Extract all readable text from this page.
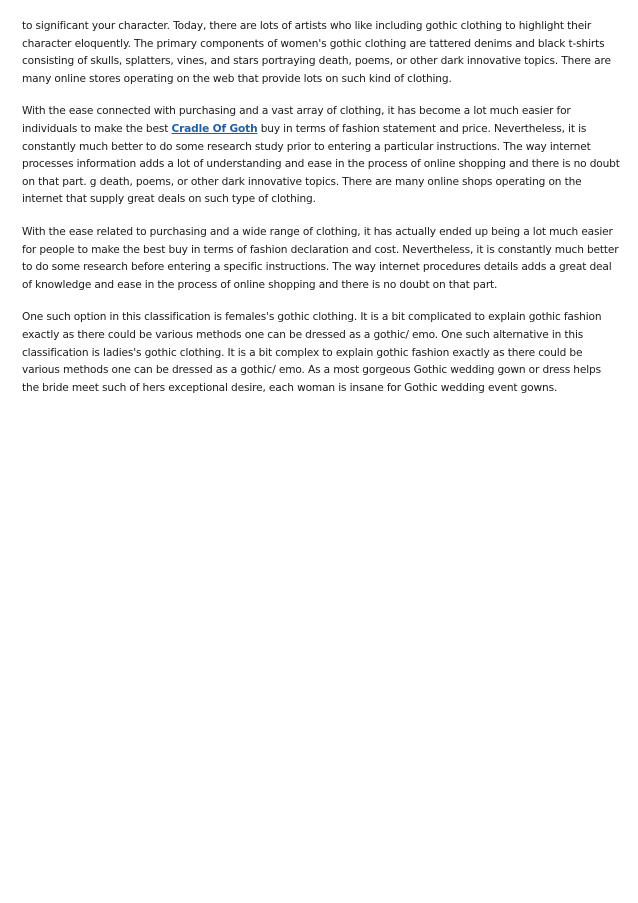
to significant your character. Today, there are lots of artists who like including gothic clothing to highlight their character eloquently. The primary components of women's gothic clothing are tattered denims and black t-shirts consisting of skulls, splatters, vines, and stars portraying death, poems, or other dark innovative topics. There are many online stores operating on the web that provide lots on such kind of clothing.

With the ease connected with purchasing and a vast array of clothing, it has become a lot much easier for individuals to make the best Cradle Of Goth buy in terms of fashion statement and price. Nevertheless, it is constantly much better to do some research study prior to entering a particular instructions. The way internet processes information adds a lot of understanding and ease in the process of online shopping and there is no doubt on that part. g death, poems, or other dark innovative topics. There are many online shops operating on the internet that supply great deals on such type of clothing.

With the ease related to purchasing and a wide range of clothing, it has actually ended up being a lot much easier for people to make the best buy in terms of fashion declaration and cost. Nevertheless, it is constantly much better to do some research before entering a specific instructions. The way internet procedures details adds a great deal of knowledge and ease in the process of online shopping and there is no doubt on that part.

One such option in this classification is females's gothic clothing. It is a bit complicated to explain gothic fashion exactly as there could be various methods one can be dressed as a gothic/ emo. One such alternative in this classification is ladies's gothic clothing. It is a bit complex to explain gothic fashion exactly as there could be various methods one can be dressed as a gothic/ emo. As a most gorgeous Gothic wedding gown or dress helps the bride meet such of hers exceptional desire, each woman is insane for Gothic wedding event gowns.
